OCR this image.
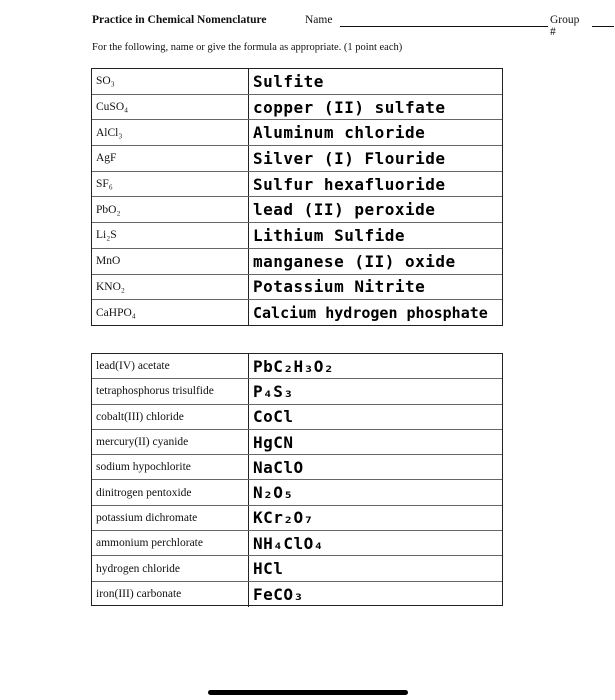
Practice in Chemical Nomenclature	Name	Group #
For the following, name or give the formula as appropriate. (1 point each)
SO₃	Sulfite
CuSO₄	copper (II) sulfate
AlCl₃	Aluminum chloride
AgF	Silver (I) Flouride
SF₆	Sulfur hexafluoride
PbO₂	lead (II) peroxide
Li₂S	Lithium Sulfide
MnO	manganese (II) oxide
KNO₂	Potassium Nitrite
CaHPO₄	Calcium hydrogen phosphate
lead(IV) acetate	PbC₂H₃O₂
tetraphosphorus trisulfide	P₄S₃
cobalt(III) chloride	CoCl
mercury(II) cyanide	HgCN
sodium hypochlorite	NaClO
dinitrogen pentoxide	N₂O₅
potassium dichromate	KCr₂O₇
ammonium perchlorate	NH₄ClO₄
hydrogen chloride	HCl
iron(III) carbonate	FeCO₃
